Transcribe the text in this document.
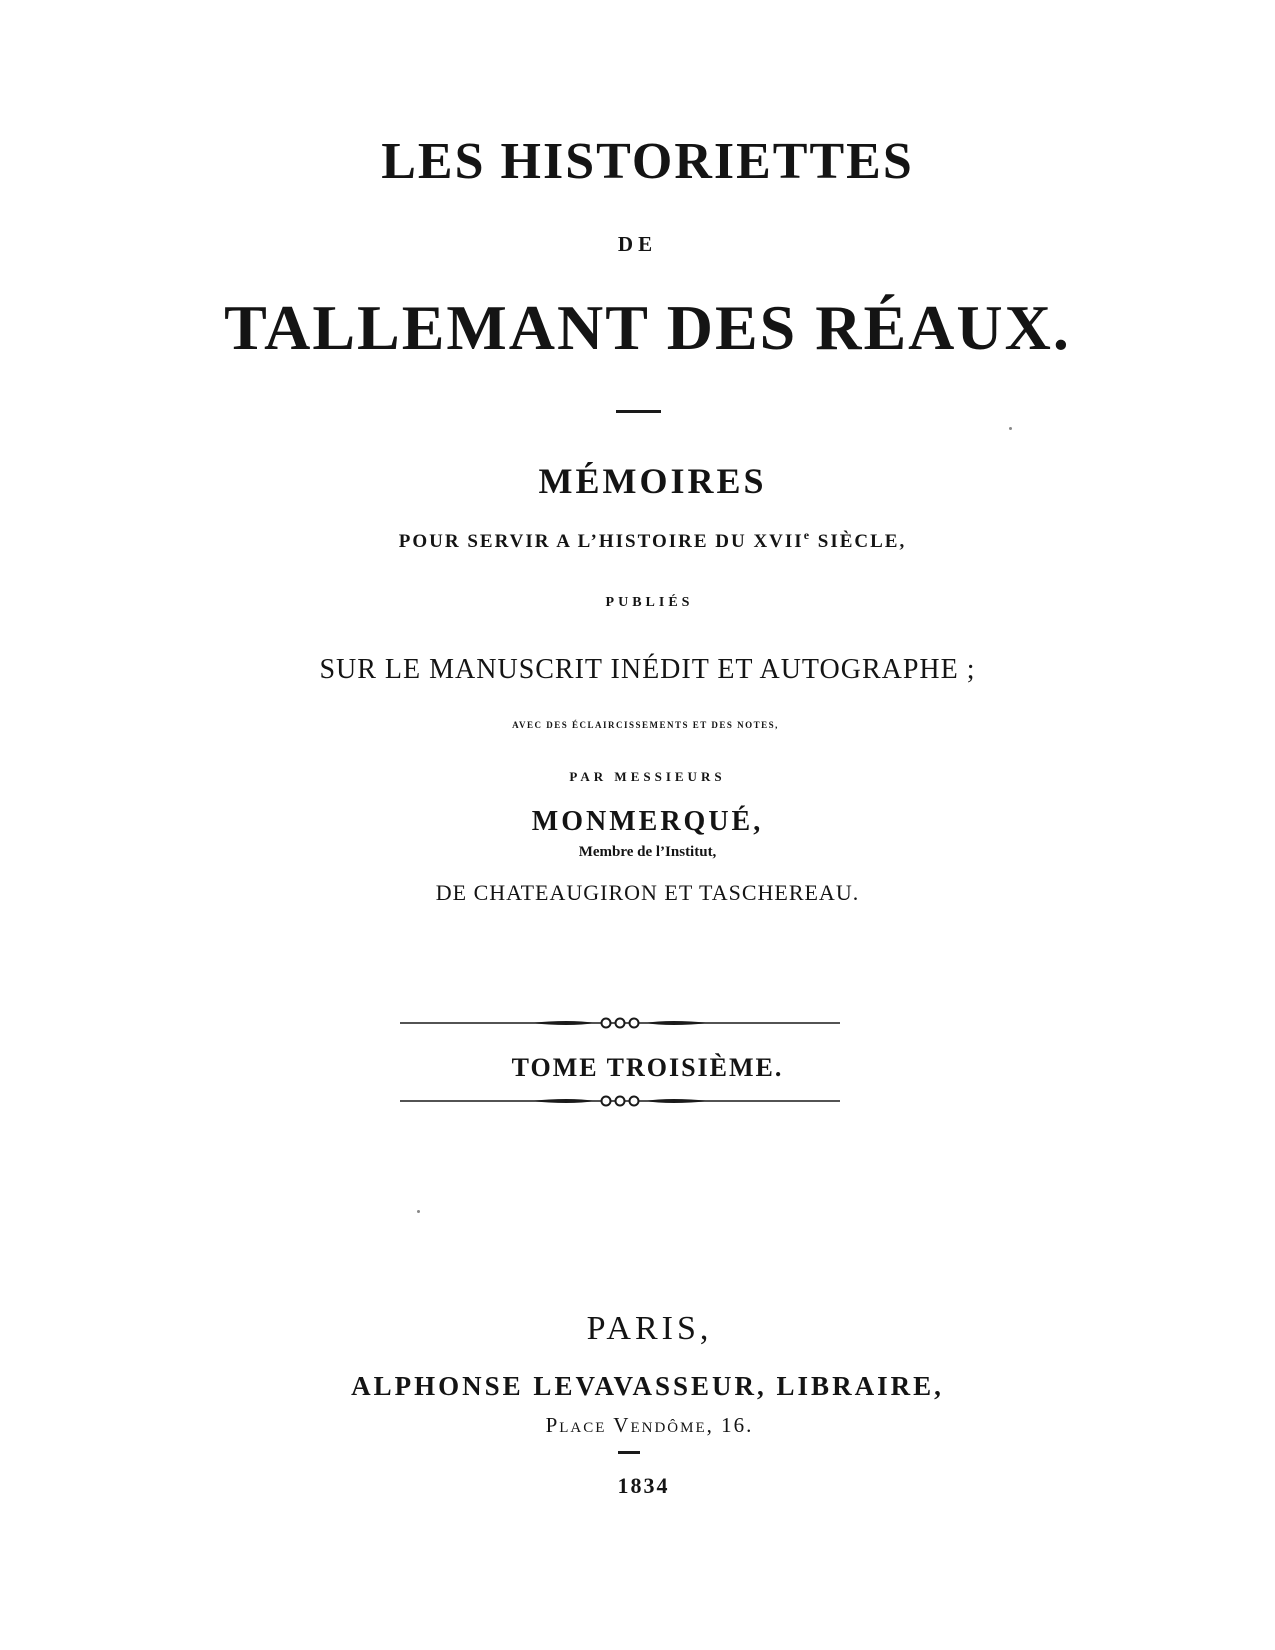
LES HISTORIETTES
DE
TALLEMANT DES RÉAUX.
MÉMOIRES
POUR SERVIR A L’HISTOIRE DU XVIIe SIÈCLE,
PUBLIÉS
SUR LE MANUSCRIT INÉDIT ET AUTOGRAPHE ;
AVEC DES ÉCLAIRCISSEMENTS ET DES NOTES,
PAR MESSIEURS
MONMERQUÉ,
Membre de l’Institut,
DE CHATEAUGIRON ET TASCHEREAU.
TOME TROISIÈME.
PARIS,
ALPHONSE LEVAVASSEUR, LIBRAIRE,
Place Vendôme, 16.
1834
